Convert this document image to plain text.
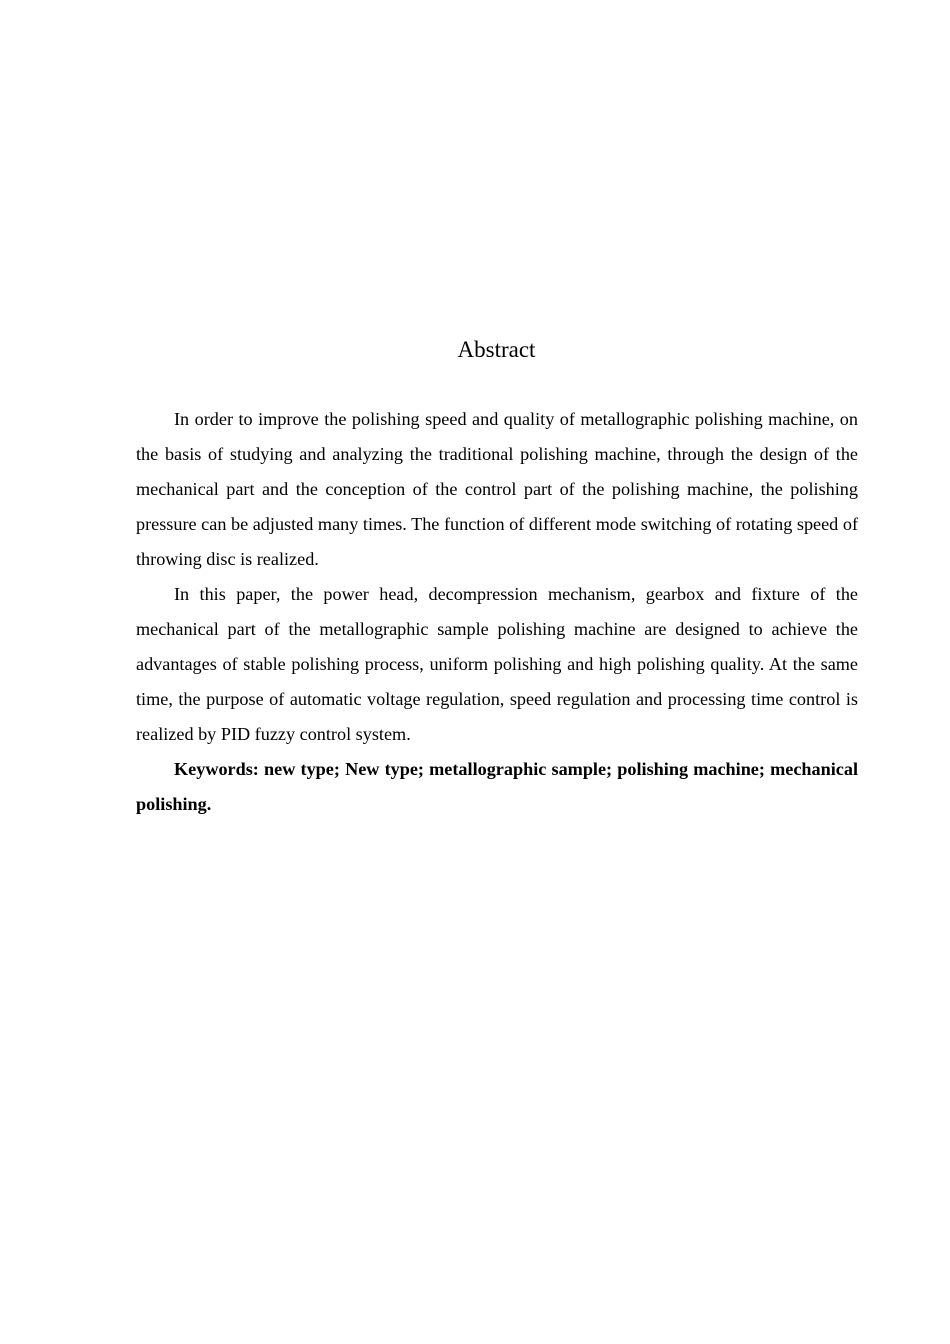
Abstract

In order to improve the polishing speed and quality of metallographic polishing machine, on the basis of studying and analyzing the traditional polishing machine, through the design of the mechanical part and the conception of the control part of the polishing machine, the polishing pressure can be adjusted many times. The function of different mode switching of rotating speed of throwing disc is realized.

In this paper, the power head, decompression mechanism, gearbox and fixture of the mechanical part of the metallographic sample polishing machine are designed to achieve the advantages of stable polishing process, uniform polishing and high polishing quality. At the same time, the purpose of automatic voltage regulation, speed regulation and processing time control is realized by PID fuzzy control system.

Keywords: new type; New type; metallographic sample; polishing machine; mechanical polishing.
